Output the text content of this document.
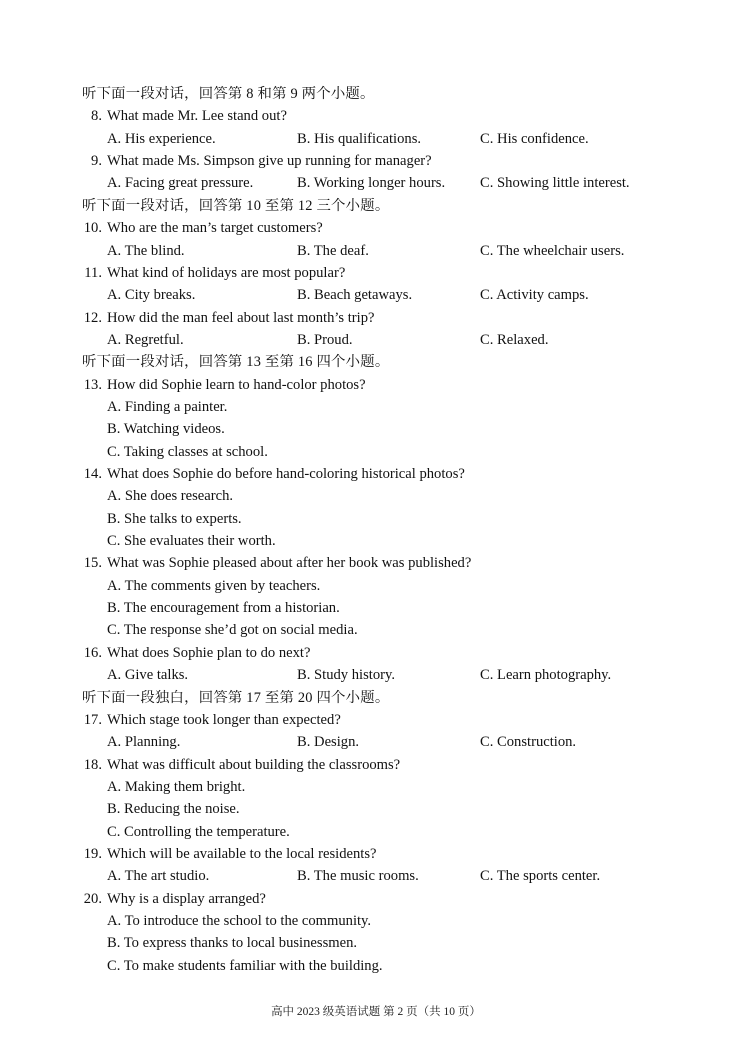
听下面一段对话，回答第 8 和第 9 两个小题。
8. What made Mr. Lee stand out?
A. His experience.	B. His qualifications.	C. His confidence.
9. What made Ms. Simpson give up running for manager?
A. Facing great pressure.	B. Working longer hours. C. Showing little interest.
听下面一段对话，回答第 10 至第 12 三个小题。
10. Who are the man’s target customers?
A. The blind.	B. The deaf.	C. The wheelchair users.
11. What kind of holidays are most popular?
A. City breaks.	B. Beach getaways.	C. Activity camps.
12. How did the man feel about last month’s trip?
A. Regretful.	B. Proud.	C. Relaxed.
听下面一段对话，回答第 13 至第 16 四个小题。
13. How did Sophie learn to hand-color photos?
A. Finding a painter.
B. Watching videos.
C. Taking classes at school.
14. What does Sophie do before hand-coloring historical photos?
A. She does research.
B. She talks to experts.
C. She evaluates their worth.
15. What was Sophie pleased about after her book was published?
A. The comments given by teachers.
B. The encouragement from a historian.
C. The response she’d got on social media.
16. What does Sophie plan to do next?
A. Give talks.	B. Study history.	C. Learn photography.
听下面一段独白，回答第 17 至第 20 四个小题。
17. Which stage took longer than expected?
A. Planning.	B. Design.	C. Construction.
18. What was difficult about building the classrooms?
A. Making them bright.
B. Reducing the noise.
C. Controlling the temperature.
19. Which will be available to the local residents?
A. The art studio.	B. The music rooms.	C. The sports center.
20. Why is a display arranged?
A. To introduce the school to the community.
B. To express thanks to local businessmen.
C. To make students familiar with the building.
高中 2023 级英语试题 第 2 页（共 10 页）
